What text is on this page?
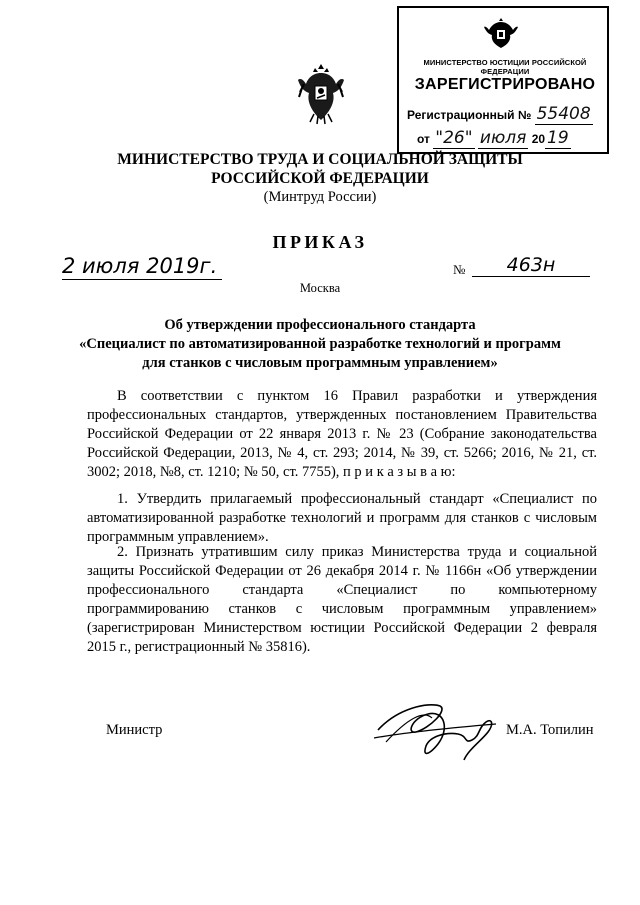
МИНИСТЕРСТВО ЮСТИЦИИ РОССИЙСКОЙ ФЕДЕРАЦИИ
ЗАРЕГИСТРИРОВАНО
Регистрационный № 55408
от "26" июля 20 19
МИНИСТЕРСТВО ТРУДА И СОЦИАЛЬНОЙ ЗАЩИТЫ
РОССИЙСКОЙ ФЕДЕРАЦИИ
(Минтруд России)
ПРИКАЗ
2 июля 2019г.	№	463н
Москва
Об утверждении профессионального стандарта
«Специалист по автоматизированной разработке технологий и программ
для станков с числовым программным управлением»

В соответствии с пунктом 16 Правил разработки и утверждения профессиональных стандартов, утвержденных постановлением Правительства Российской Федерации от 22 января 2013 г. № 23 (Собрание законодательства Российской Федерации, 2013, № 4, ст. 293; 2014, № 39, ст. 5266; 2016, № 21, ст. 3002; 2018, №8, ст. 1210; № 50, ст. 7755), п р и к а з ы в а ю:

1. Утвердить прилагаемый профессиональный стандарт «Специалист по автоматизированной разработке технологий и программ для станков с числовым программным управлением».

2. Признать утратившим силу приказ Министерства труда и социальной защиты Российской Федерации от 26 декабря 2014 г. № 1166н «Об утверждении профессионального стандарта «Специалист по компьютерному программированию станков с числовым программным управлением» (зарегистрирован Министерством юстиции Российской Федерации 2 февраля 2015 г., регистрационный № 35816).

Министр	М.А. Топилин
